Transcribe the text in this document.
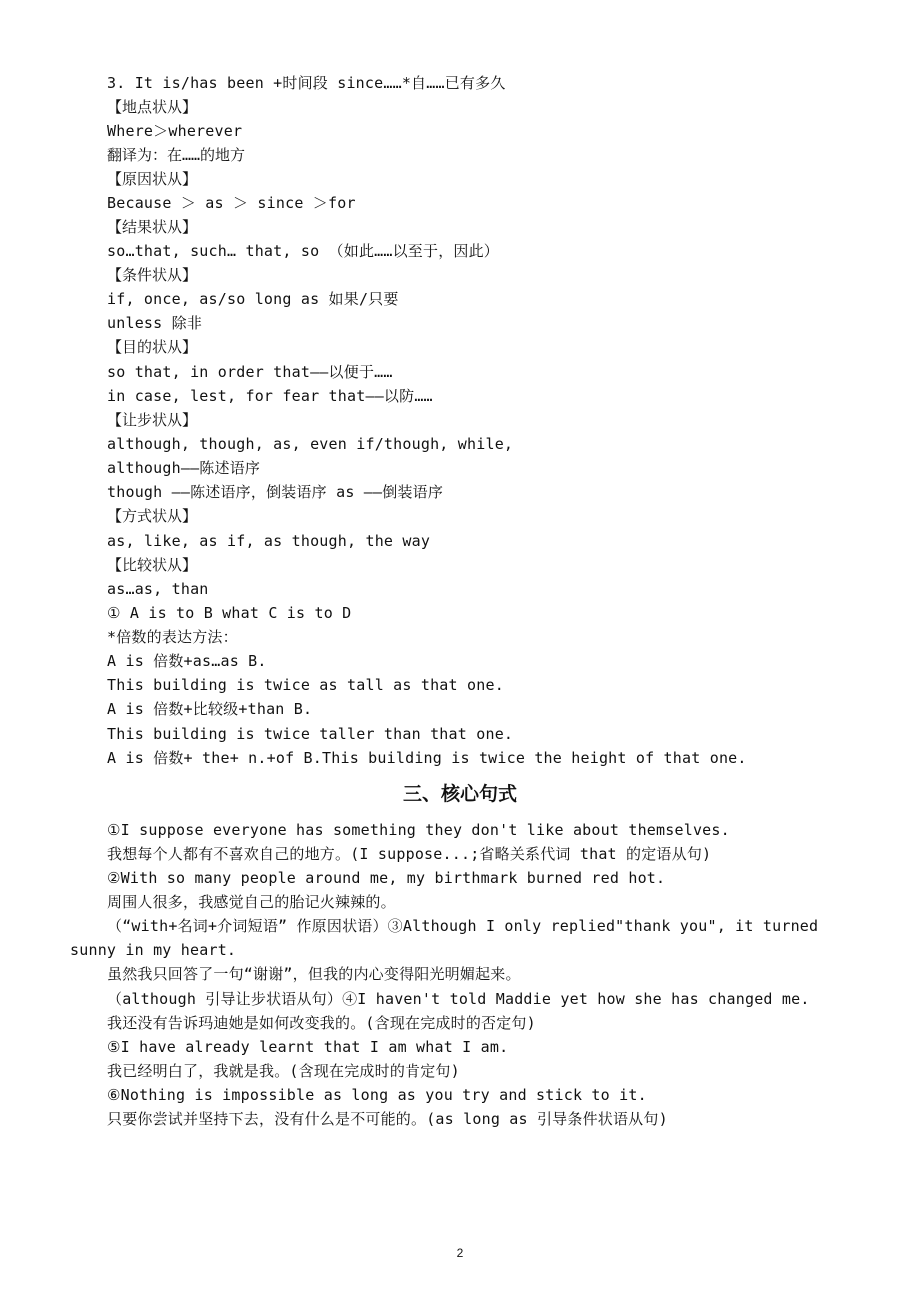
3. It is/has been +时间段 since……*自……已有多久
【地点状从】
Where＞wherever
翻译为：在……的地方
【原因状从】
Because ＞ as ＞ since ＞for
【结果状从】
so…that, such… that, so （如此……以至于，因此）
【条件状从】
if, once, as/so long as 如果/只要
unless 除非
【目的状从】
so that, in order that——以便于……
in case, lest, for fear that——以防……
【让步状从】
although, though, as, even if/though, while,
although——陈述语序
though ——陈述语序，倒装语序 as ——倒装语序
【方式状从】
as, like, as if, as though, the way
【比较状从】
as…as, than
① A is to B what C is to D
*倍数的表达方法：
A is 倍数+as…as B.
This building is twice as tall as that one.
A is 倍数+比较级+than B.
This building is twice taller than that one.
A is 倍数+ the+ n.+of B.This building is twice the height of that one.
三、核心句式
①I suppose everyone has something they don't like about themselves.
我想每个人都有不喜欢自己的地方。(I suppose...;省略关系代词 that 的定语从句)
②With so many people around me, my birthmark burned red hot.
周围人很多，我感觉自己的胎记火辣辣的。
（“with+名词+介词短语” 作原因状语）③Although I only replied"thank you", it turned
sunny in my heart.
虽然我只回答了一句“谢谢”，但我的内心变得阳光明媚起来。
（although 引导让步状语从句）④I haven't told Maddie yet how she has changed me.
我还没有告诉玛迪她是如何改变我的。(含现在完成时的否定句)
⑤I have already learnt that I am what I am.
我已经明白了，我就是我。(含现在完成时的肯定句)
⑥Nothing is impossible as long as you try and stick to it.
只要你尝试并坚持下去，没有什么是不可能的。(as long as 引导条件状语从句)
2
